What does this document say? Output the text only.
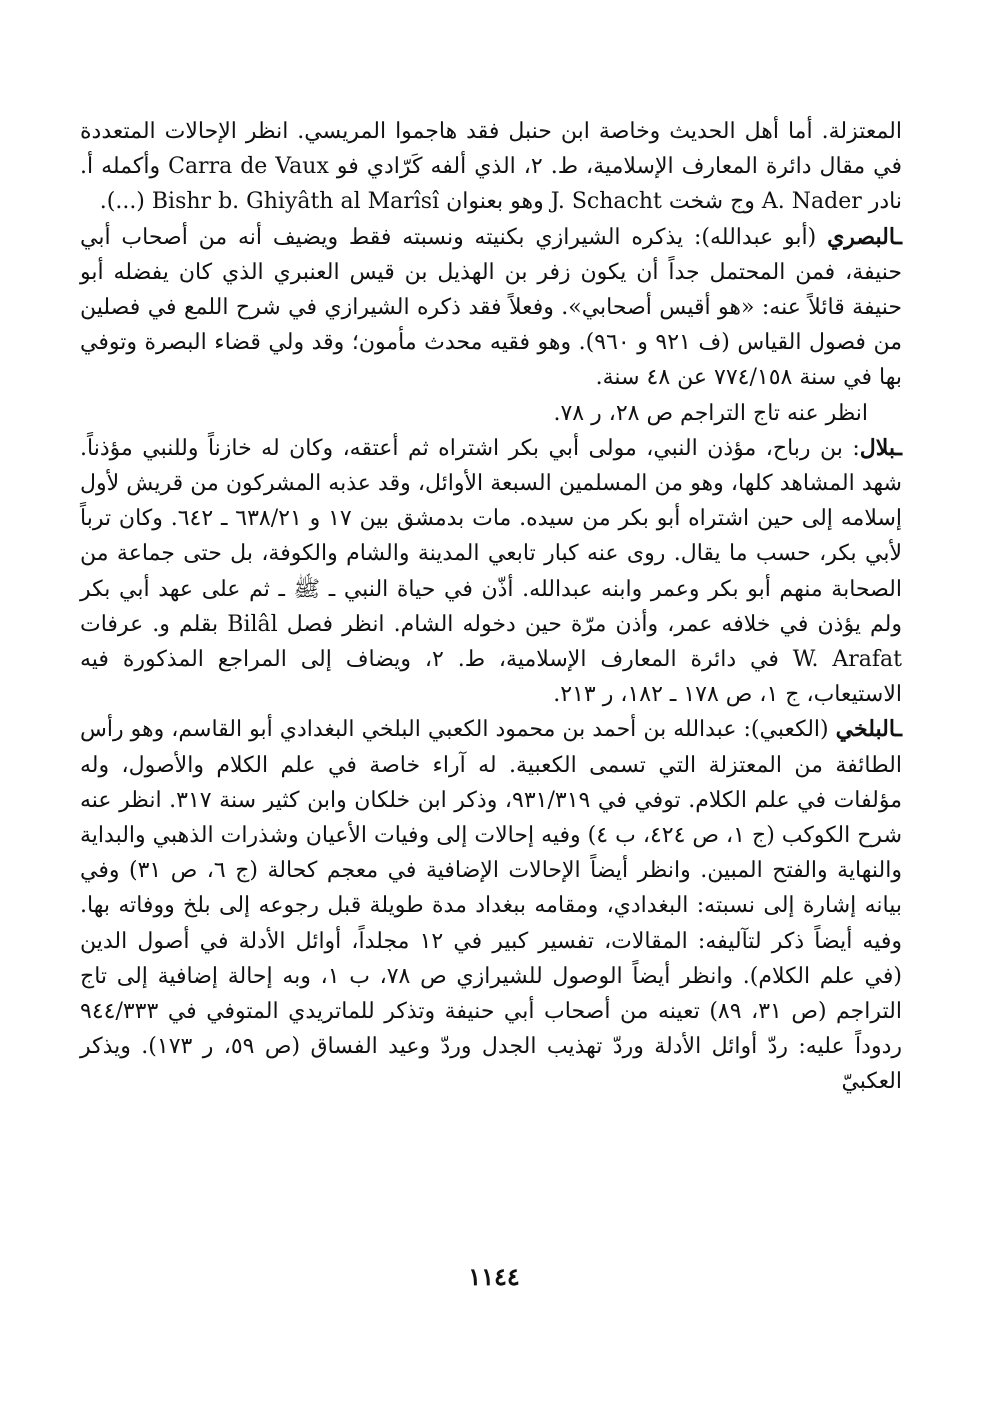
المعتزلة. أما أهل الحديث وخاصة ابن حنبل فقد هاجموا المريسي. انظر الإحالات المتعددة في مقال دائرة المعارف الإسلامية، ط. ٢، الذي ألفه كَرّادي فو Carra de Vaux وأكمله أ. نادر A. Nader وج شخت J. Schacht وهو بعنوان Bishr b. Ghiyâth al Marîsî (...).

ـالبصري (أبو عبدالله): يذكره الشيرازي بكنيته ونسبته فقط ويضيف أنه من أصحاب أبي حنيفة، فمن المحتمل جداً أن يكون زفر بن الهذيل بن قيس العنبري الذي كان يفضله أبو حنيفة قائلاً عنه: «هو أقيس أصحابي». وفعلاً فقد ذكره الشيرازي في شرح اللمع في فصلين من فصول القياس (ف ٩٢١ و ٩٦٠). وهو فقيه محدث مأمون؛ وقد ولي قضاء البصرة وتوفي بها في سنة ٧٧٤/١٥٨ عن ٤٨ سنة.

انظر عنه تاج التراجم ص ٢٨، ر ٧٨.

ـبلال: بن رباح، مؤذن النبي، مولى أبي بكر اشتراه ثم أعتقه، وكان له خازناً وللنبي مؤذناً. شهد المشاهد كلها، وهو من المسلمين السبعة الأوائل، وقد عذبه المشركون من قريش لأول إسلامه إلى حين اشتراه أبو بكر من سيده. مات بدمشق بين ١٧ و ٦٣٨/٢١ ـ ٦٤٢. وكان ترباً لأبي بكر، حسب ما يقال. روى عنه كبار تابعي المدينة والشام والكوفة، بل حتى جماعة من الصحابة منهم أبو بكر وعمر وابنه عبدالله. أذّن في حياة النبي ـ ﷺ ـ ثم على عهد أبي بكر ولم يؤذن في خلافه عمر، وأذن مرّة حين دخوله الشام. انظر فصل Bilâl بقلم و. عرفات W. Arafat في دائرة المعارف الإسلامية، ط. ٢، ويضاف إلى المراجع المذكورة فيه الاستيعاب، ج ١، ص ١٧٨ ـ ١٨٢، ر ٢١٣.

ـالبلخي (الكعبي): عبدالله بن أحمد بن محمود الكعبي البلخي البغدادي أبو القاسم، وهو رأس الطائفة من المعتزلة التي تسمى الكعبية. له آراء خاصة في علم الكلام والأصول، وله مؤلفات في علم الكلام. توفي في ٩٣١/٣١٩، وذكر ابن خلكان وابن كثير سنة ٣١٧. انظر عنه شرح الكوكب (ج ١، ص ٤٢٤، ب ٤) وفيه إحالات إلى وفيات الأعيان وشذرات الذهبي والبداية والنهاية والفتح المبين. وانظر أيضاً الإحالات الإضافية في معجم كحالة (ج ٦، ص ٣١) وفي بيانه إشارة إلى نسبته: البغدادي، ومقامه ببغداد مدة طويلة قبل رجوعه إلى بلخ ووفاته بها. وفيه أيضاً ذكر لتآليفه: المقالات، تفسير كبير في ١٢ مجلداً، أوائل الأدلة في أصول الدين (في علم الكلام). وانظر أيضاً الوصول للشيرازي ص ٧٨، ب ١، وبه إحالة إضافية إلى تاج التراجم (ص ٣١، ٨٩) تعينه من أصحاب أبي حنيفة وتذكر للماتريدي المتوفي في ٩٤٤/٣٣٣ ردوداً عليه: ردّ أوائل الأدلة وردّ تهذيب الجدل وردّ وعيد الفساق (ص ٥٩، ر ١٧٣). ويذكر العكبيّ

١١٤٤
